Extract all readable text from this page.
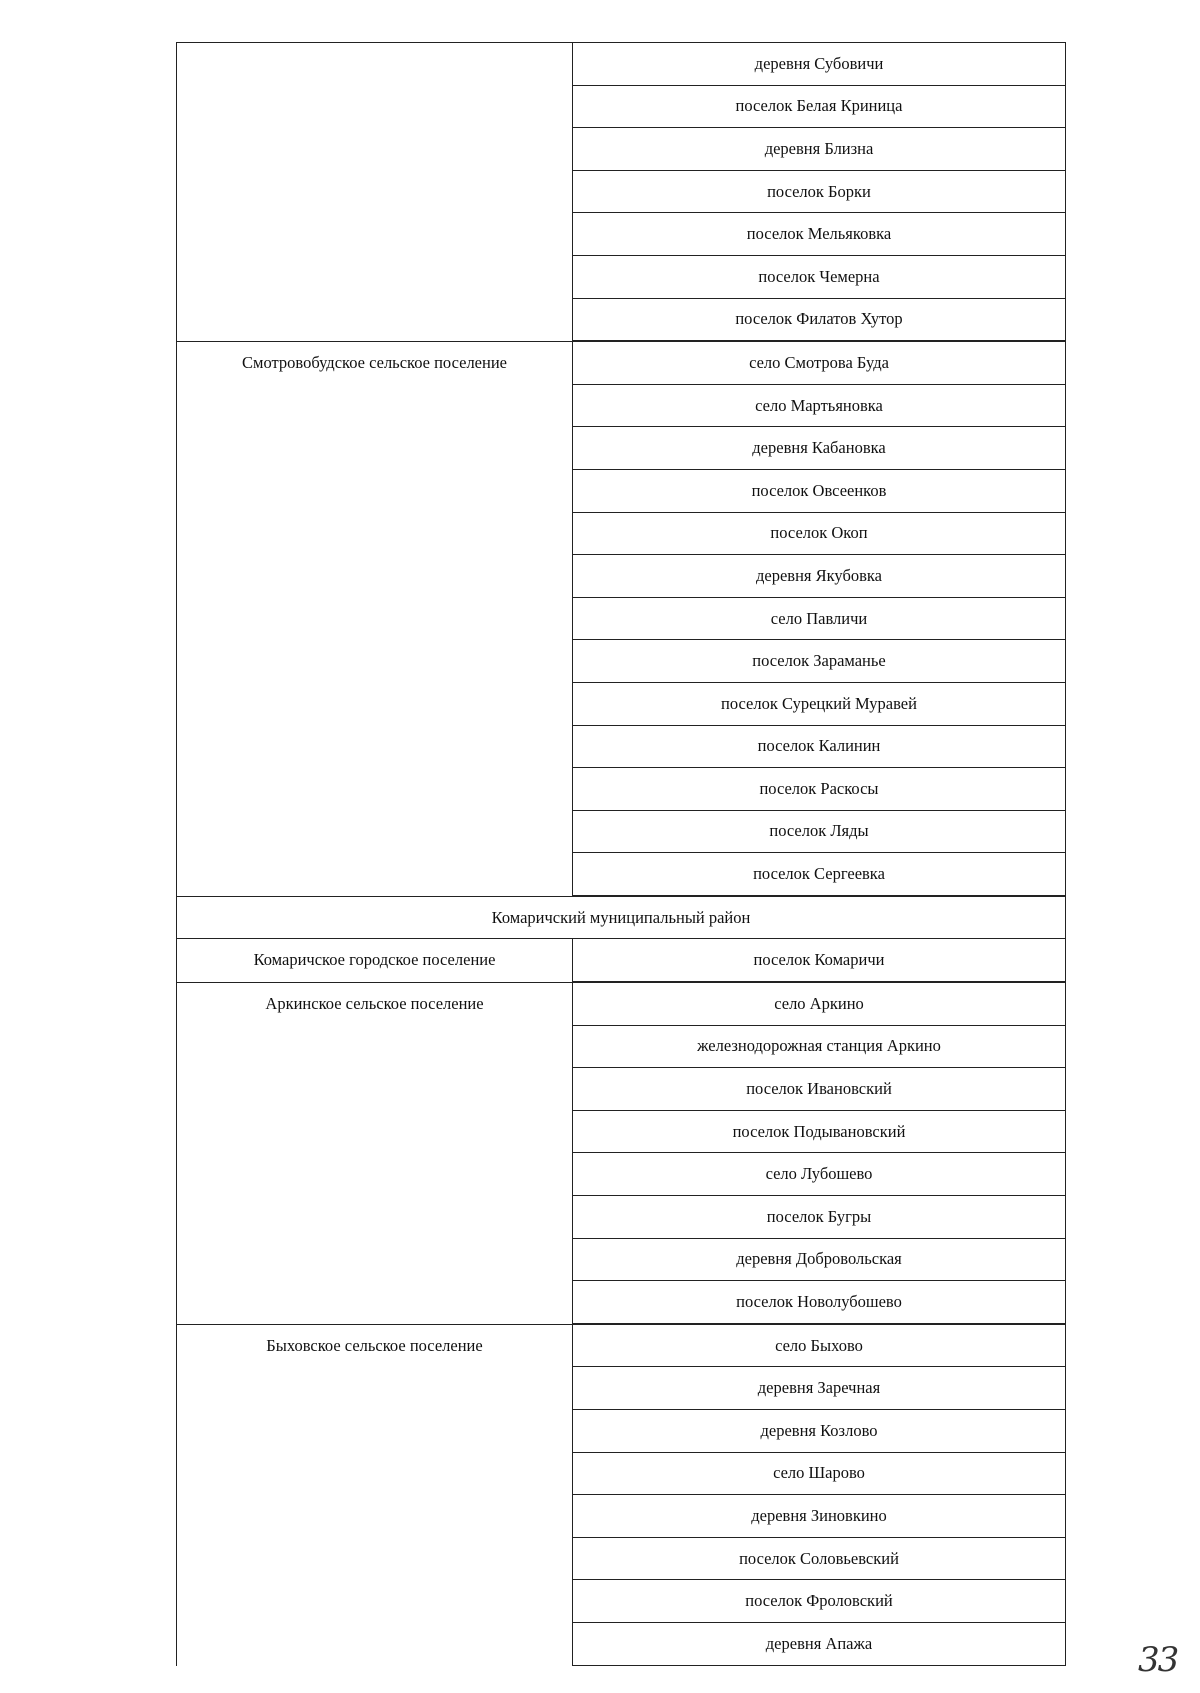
деревня Субовичи
поселок Белая Криница
деревня Близна
поселок Борки
поселок Мельяковка
поселок Чемерна
поселок Филатов Хутор
Смотровобудское сельское поселение	село Смотрова Буда
село Мартьяновка
деревня Кабановка
поселок Овсеенков
поселок Окоп
деревня Якубовка
село Павличи
поселок Зараманье
поселок Сурецкий Муравей
поселок Калинин
поселок Раскосы
поселок Ляды
поселок Сергеевка
Комаричский муниципальный район
Комаричское городское поселение	поселок Комаричи
Аркинское сельское поселение	село Аркино
железнодорожная станция Аркино
поселок Ивановский
поселок Подывановский
село Лубошево
поселок Бугры
деревня Добровольская
поселок Новолубошево
Быховское сельское поселение	село Быхово
деревня Заречная
деревня Козлово
село Шарово
деревня Зиновкино
поселок Соловьевский
поселок Фроловский
деревня Апажа	33
